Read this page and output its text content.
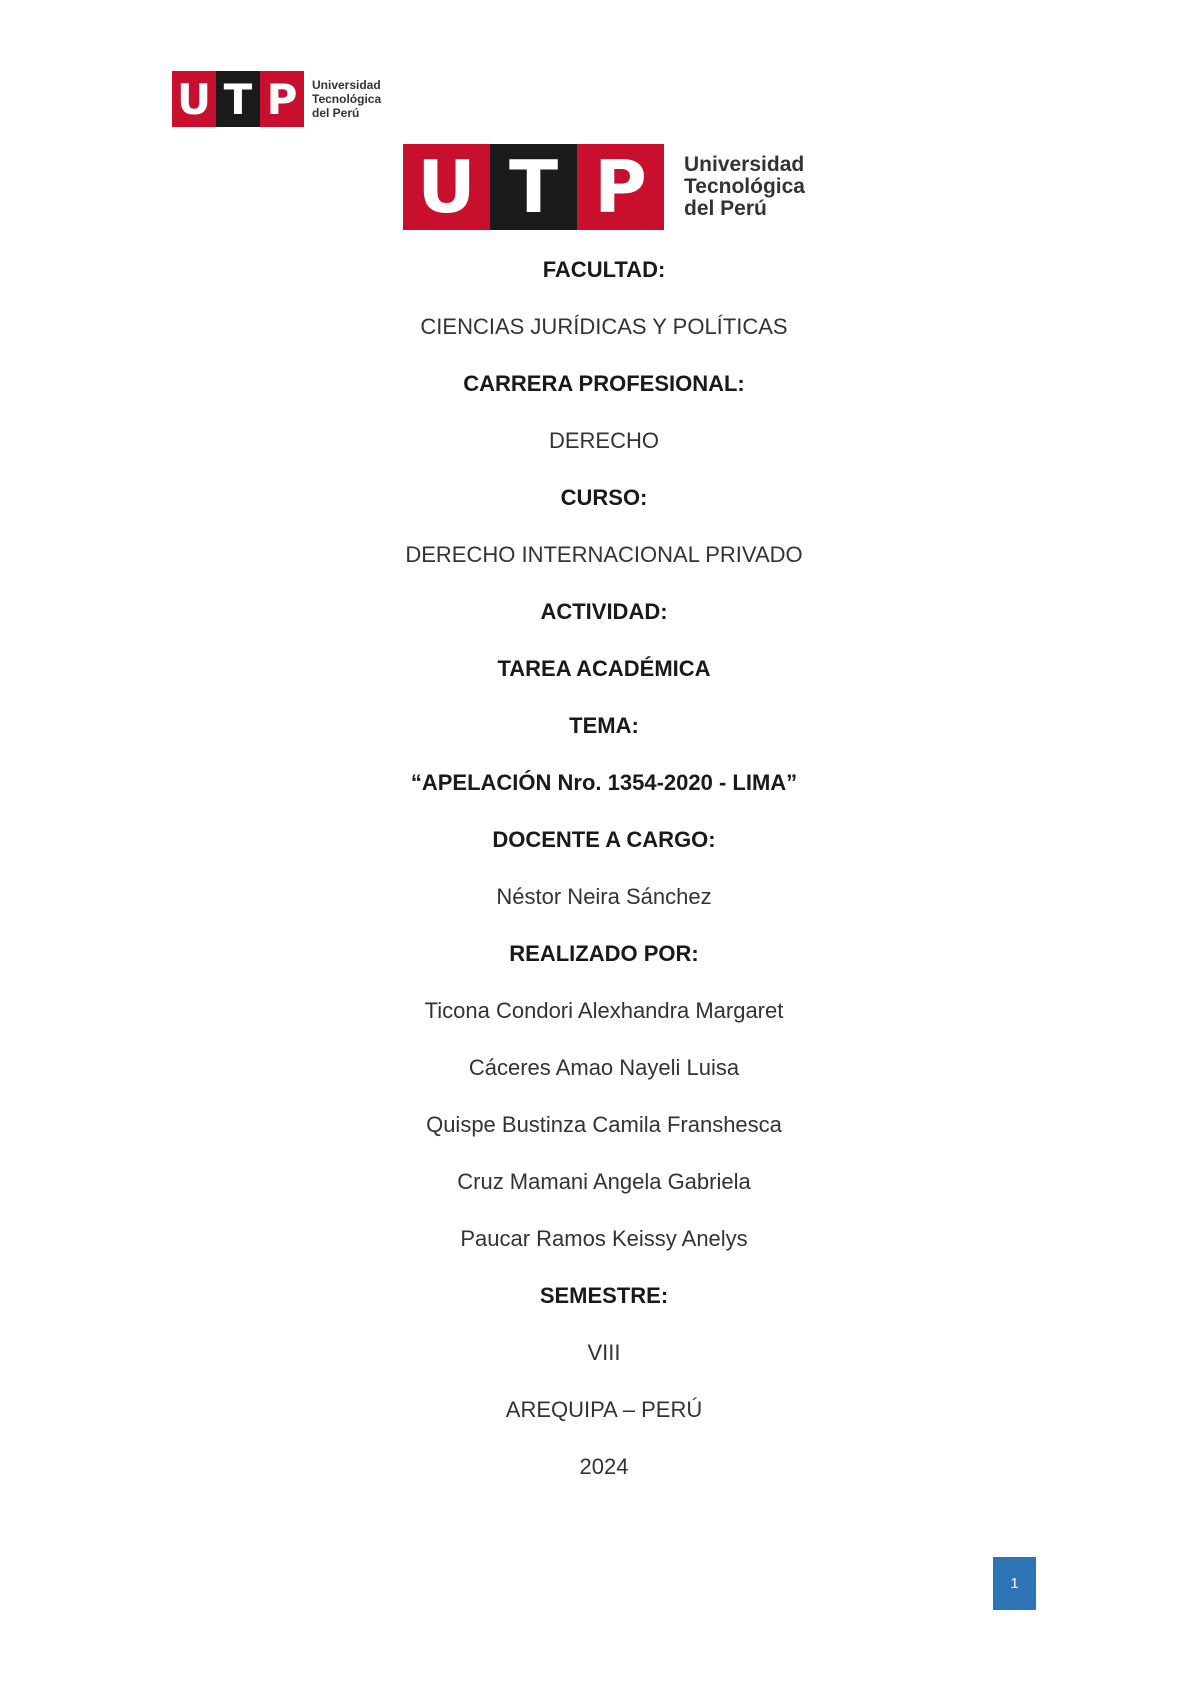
U T P	Universidad
Tecnológica
del Perú
U T P	Universidad
Tecnológica
del Perú

FACULTAD:

CIENCIAS JURÍDICAS Y POLÍTICAS

CARRERA PROFESIONAL:

DERECHO

CURSO:

DERECHO INTERNACIONAL PRIVADO

ACTIVIDAD:

TAREA ACADÉMICA

TEMA:

“APELACIÓN Nro. 1354-2020 - LIMA”

DOCENTE A CARGO:

Néstor Neira Sánchez

REALIZADO POR:

Ticona Condori Alexhandra Margaret

Cáceres Amao Nayeli Luisa

Quispe Bustinza Camila Franshesca

Cruz Mamani Angela Gabriela

Paucar Ramos Keissy Anelys

SEMESTRE:

VIII

AREQUIPA – PERÚ

2024

1
